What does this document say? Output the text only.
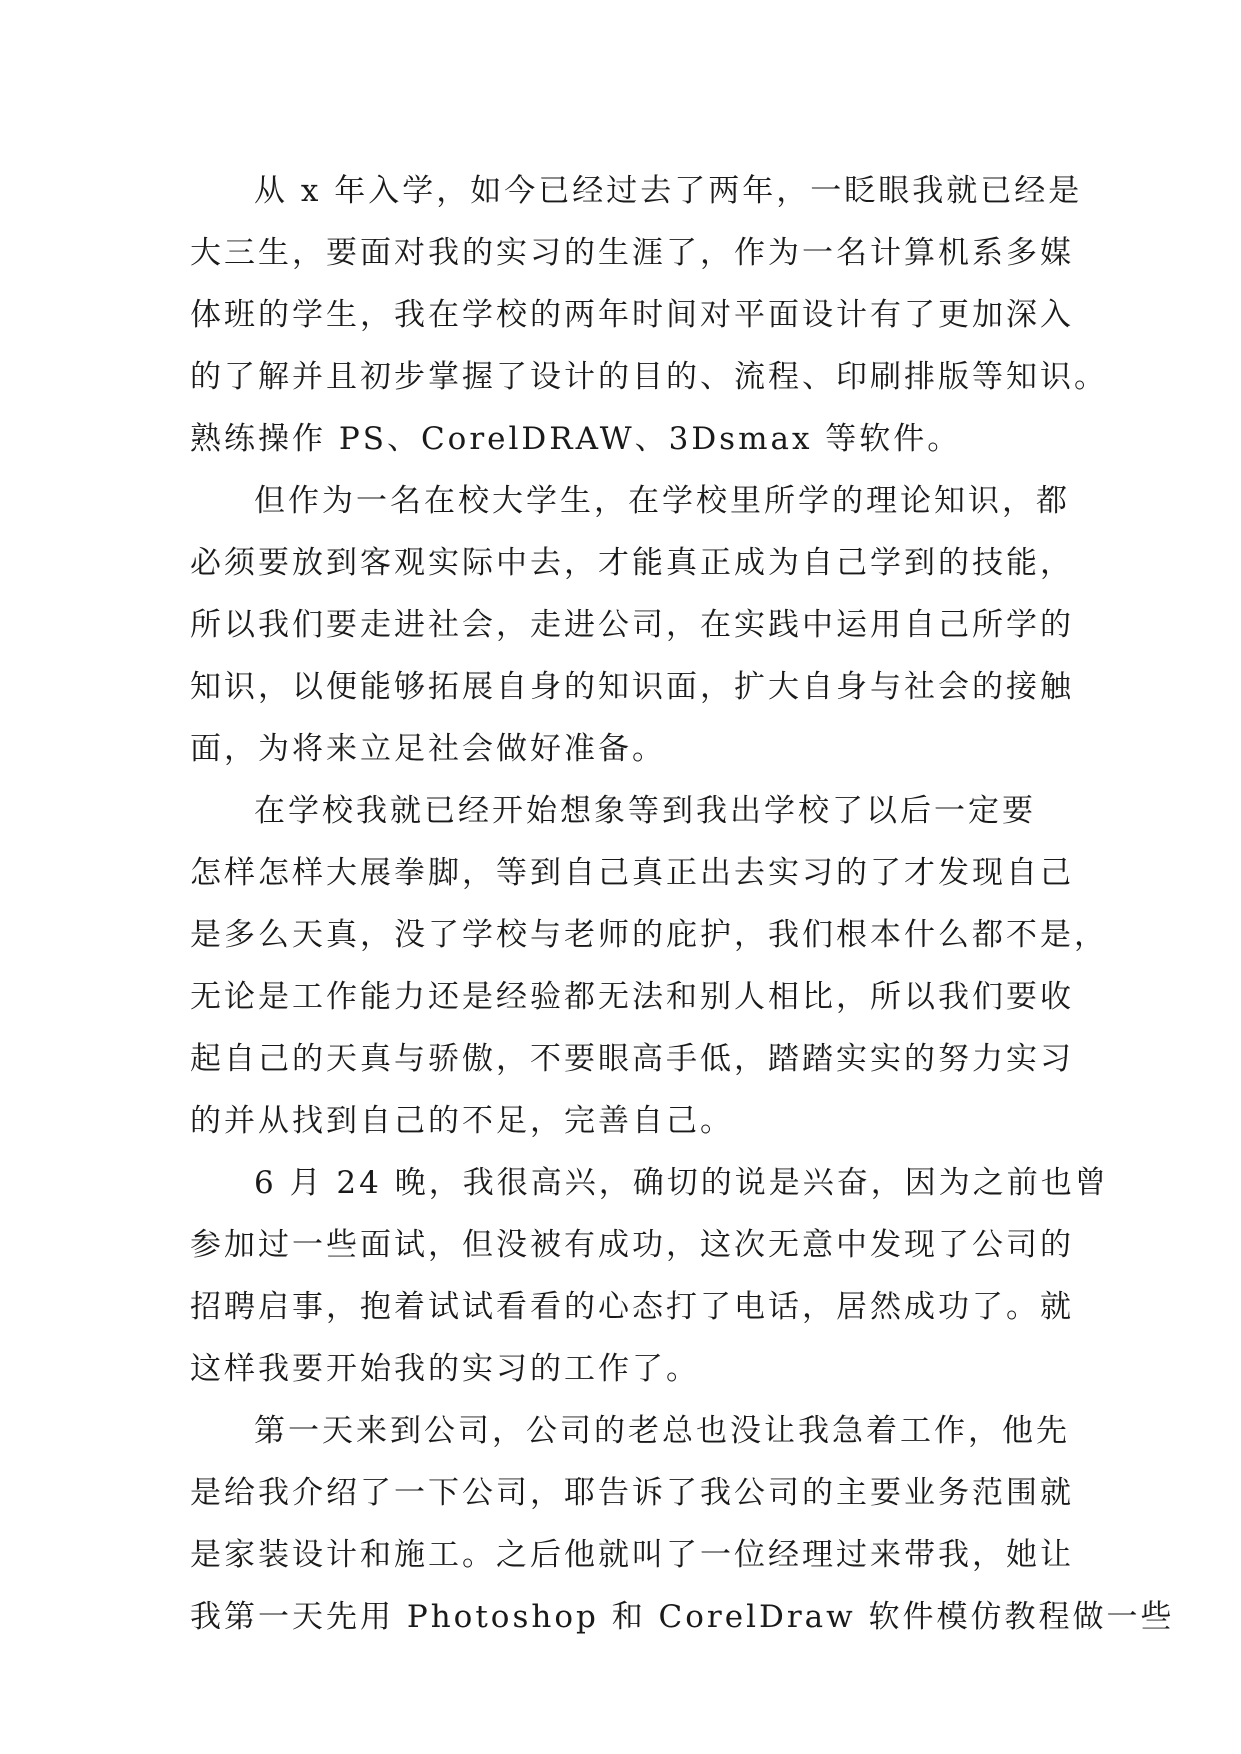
从 x 年入学，如今已经过去了两年，一眨眼我就已经是
大三生，要面对我的实习的生涯了，作为一名计算机系多媒
体班的学生，我在学校的两年时间对平面设计有了更加深入
的了解并且初步掌握了设计的目的、流程、印刷排版等知识。
熟练操作 PS、CorelDRAW、3Dsmax 等软件。
但作为一名在校大学生，在学校里所学的理论知识，都
必须要放到客观实际中去，才能真正成为自己学到的技能，
所以我们要走进社会，走进公司，在实践中运用自己所学的
知识，以便能够拓展自身的知识面，扩大自身与社会的接触
面，为将来立足社会做好准备。
在学校我就已经开始想象等到我出学校了以后一定要
怎样怎样大展拳脚，等到自己真正出去实习的了才发现自己
是多么天真，没了学校与老师的庇护，我们根本什么都不是，
无论是工作能力还是经验都无法和别人相比，所以我们要收
起自己的天真与骄傲，不要眼高手低，踏踏实实的努力实习
的并从找到自己的不足，完善自己。
6 月 24 晚，我很高兴，确切的说是兴奋，因为之前也曾
参加过一些面试，但没被有成功，这次无意中发现了公司的
招聘启事，抱着试试看看的心态打了电话，居然成功了。就
这样我要开始我的实习的工作了。
第一天来到公司，公司的老总也没让我急着工作，他先
是给我介绍了一下公司，耶告诉了我公司的主要业务范围就
是家装设计和施工。之后他就叫了一位经理过来带我，她让
我第一天先用 Photoshop 和 CorelDraw 软件模仿教程做一些
